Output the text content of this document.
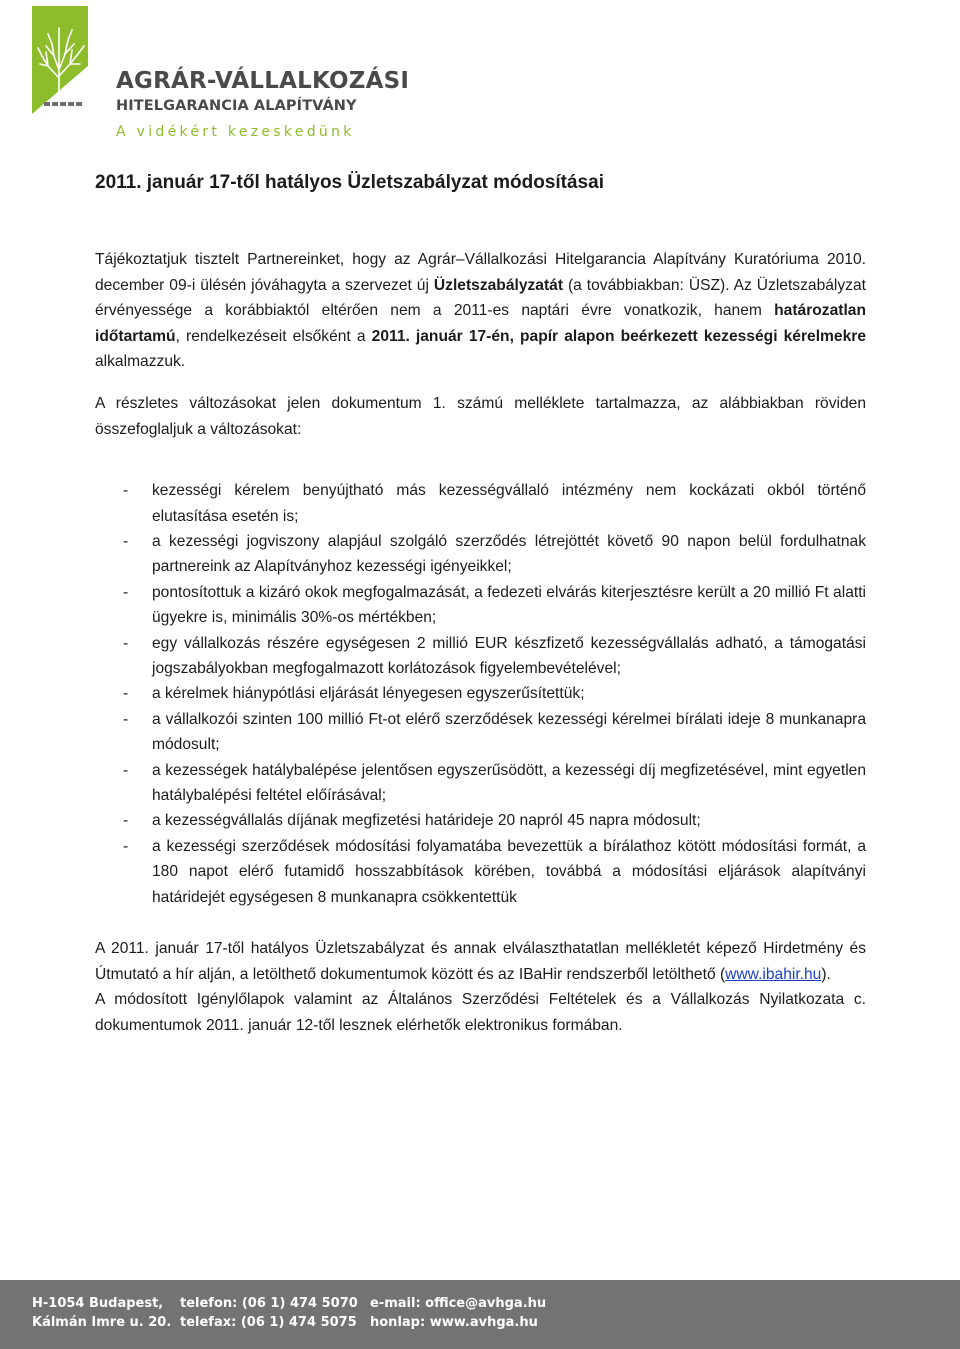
AGRÁR-VÁLLALKOZÁSI
HITELGARANCIA ALAPÍTVÁNY
A vidékért kezeskedünk
2011. január 17-től hatályos Üzletszabályzat módosításai

Tájékoztatjuk tisztelt Partnereinket, hogy az Agrár–Vállalkozási Hitelgarancia Alapítvány Kuratóriuma 2010. december 09-i ülésén jóváhagyta a szervezet új Üzletszabályzatát (a továbbiakban: ÜSZ). Az Üzletszabályzat érvényessége a korábbiaktól eltérően nem a 2011-es naptári évre vonatkozik, hanem határozatlan időtartamú, rendelkezéseit elsőként a 2011. január 17-én, papír alapon beérkezett kezességi kérelmekre alkalmazzuk.

A részletes változásokat jelen dokumentum 1. számú melléklete tartalmazza, az alábbiakban röviden összefoglaljuk a változásokat:

- kezességi kérelem benyújtható más kezességvállaló intézmény nem kockázati okból történő elutasítása esetén is;
- a kezességi jogviszony alapjául szolgáló szerződés létrejöttét követő 90 napon belül fordulhatnak partnereink az Alapítványhoz kezességi igényeikkel;
- pontosítottuk a kizáró okok megfogalmazását, a fedezeti elvárás kiterjesztésre került a 20 millió Ft alatti ügyekre is, minimális 30%-os mértékben;
- egy vállalkozás részére egységesen 2 millió EUR készfizető kezességvállalás adható, a támogatási jogszabályokban megfogalmazott korlátozások figyelembevételével;
- a kérelmek hiánypótlási eljárását lényegesen egyszerűsítettük;
- a vállalkozói szinten 100 millió Ft-ot elérő szerződések kezességi kérelmei bírálati ideje 8 munkanapra módosult;
- a kezességek hatálybalépése jelentősen egyszerűsödött, a kezességi díj megfizetésével, mint egyetlen hatálybalépési feltétel előírásával;
- a kezességvállalás díjának megfizetési határideje 20 napról 45 napra módosult;
- a kezességi szerződések módosítási folyamatába bevezettük a bírálathoz kötött módosítási formát, a 180 napot elérő futamidő hosszabbítások körében, továbbá a módosítási eljárások alapítványi határidejét egységesen 8 munkanapra csökkentettük

A 2011. január 17-től hatályos Üzletszabályzat és annak elválaszthatatlan mellékletét képező Hirdetmény és Útmutató a hír alján, a letölthető dokumentumok között és az IBaHir rendszerből letölthető (www.ibahir.hu).

A módosított Igénylőlapok valamint az Általános Szerződési Feltételek és a Vállalkozás Nyilatkozata c. dokumentumok 2011. január 12-től lesznek elérhetők elektronikus formában.

H-1054 Budapest,
Kálmán Imre u. 20.
telefon: (06 1) 474 5070
telefax: (06 1) 474 5075
e-mail: office@avhga.hu
honlap: www.avhga.hu
